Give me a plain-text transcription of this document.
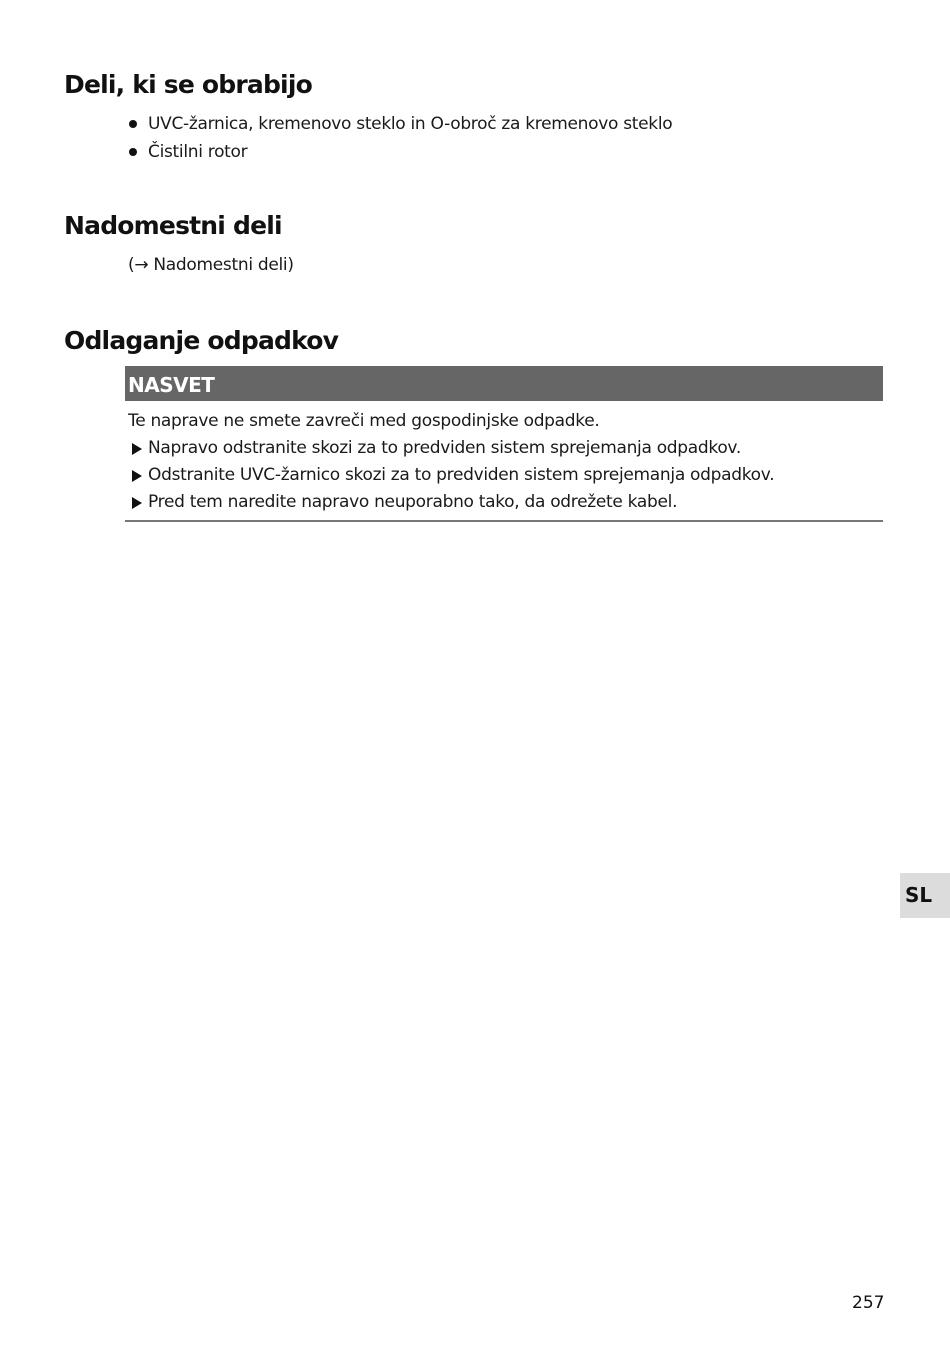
Deli, ki se obrabijo
UVC-žarnica, kremenovo steklo in O-obroč za kremenovo steklo
Čistilni rotor
Nadomestni deli
(→ Nadomestni deli)
Odlaganje odpadkov
NASVET
Te naprave ne smete zavreči med gospodinjske odpadke.
Napravo odstranite skozi za to predviden sistem sprejemanja odpadkov.
Odstranite UVC-žarnico skozi za to predviden sistem sprejemanja odpadkov.
Pred tem naredite napravo neuporabno tako, da odrežete kabel.
SL
257
